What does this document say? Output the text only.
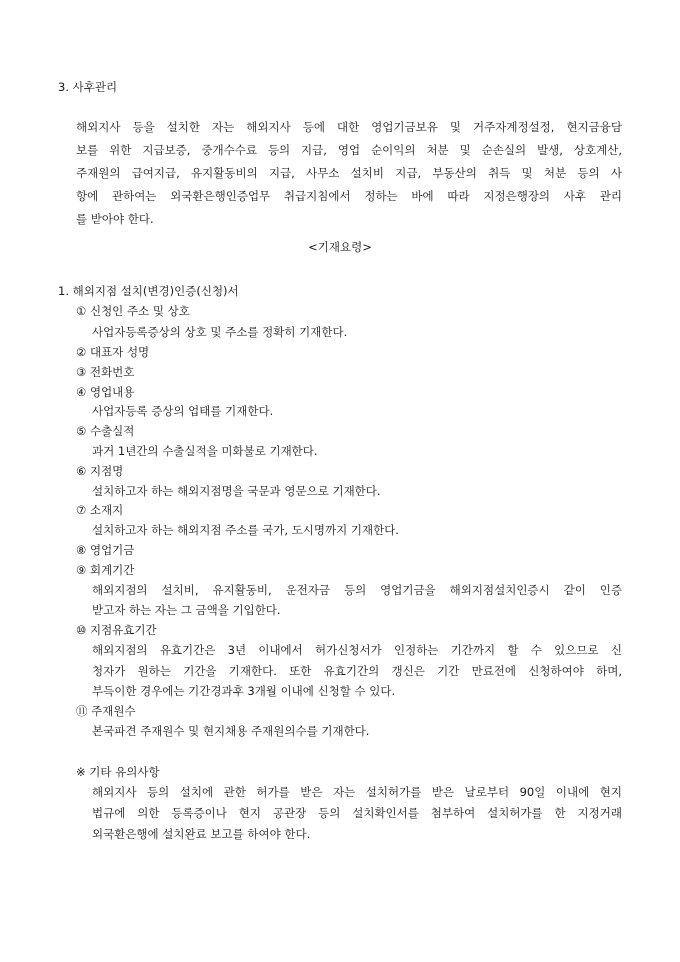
3. 사후관리
해외지사 등을 설치한 자는 해외지사 등에 대한 영업기금보유 및 거주자계정설정, 현지금융담
보를 위한 지급보증, 중개수수료 등의 지급, 영업 순이익의 처분 및 순손실의 발생, 상호계산,
주재원의 급여지급, 유지활동비의 지급, 사무소 설치비 지급, 부동산의 취득 및 처분 등의 사
항에 관하여는 외국환은행인증업무 취급지침에서 정하는 바에 따라 지정은행장의 사후 관리
를 받아야 한다.
<기재요령>
1. 해외지점 설치(변경)인증(신청)서
① 신청인 주소 및 상호
사업자등록증상의 상호 및 주소를 정확히 기재한다.
② 대표자 성명
③ 전화번호
④ 영업내용
사업자등록 증상의 업태를 기재한다.
⑤ 수출실적
과거 1년간의 수출실적을 미화불로 기재한다.
⑥ 지점명
설치하고자 하는 해외지점명을 국문과 영문으로 기재한다.
⑦ 소재지
설치하고자 하는 해외지점 주소를 국가, 도시명까지 기재한다.
⑧ 영업기금
⑨ 회계기간
해외지점의 설치비, 유지활동비, 운전자금 등의 영업기금을 해외지점설치인증시 같이 인증
받고자 하는 자는 그 금액을 기입한다.
⑩ 지점유효기간
해외지점의 유효기간은 3년 이내에서 허가신청서가 인정하는 기간까지 할 수 있으므로 신
청자가 원하는 기간을 기재한다. 또한 유효기간의 갱신은 기간 만료전에 신청하여야 하며,
부득이한 경우에는 기간경과후 3개월 이내에 신청할 수 있다.
⑪ 주재원수
본국파견 주재원수 및 현지채용 주재원의수를 기재한다.
※ 기타 유의사항
해외지사 등의 설치에 관한 허가를 받은 자는 설치허가를 받은 날로부터 90일 이내에 현지
법규에 의한 등록증이나 현지 공관장 등의 설치확인서를 첨부하여 설치허가를 한 지정거래
외국환은행에 설치완료 보고를 하여야 한다.
